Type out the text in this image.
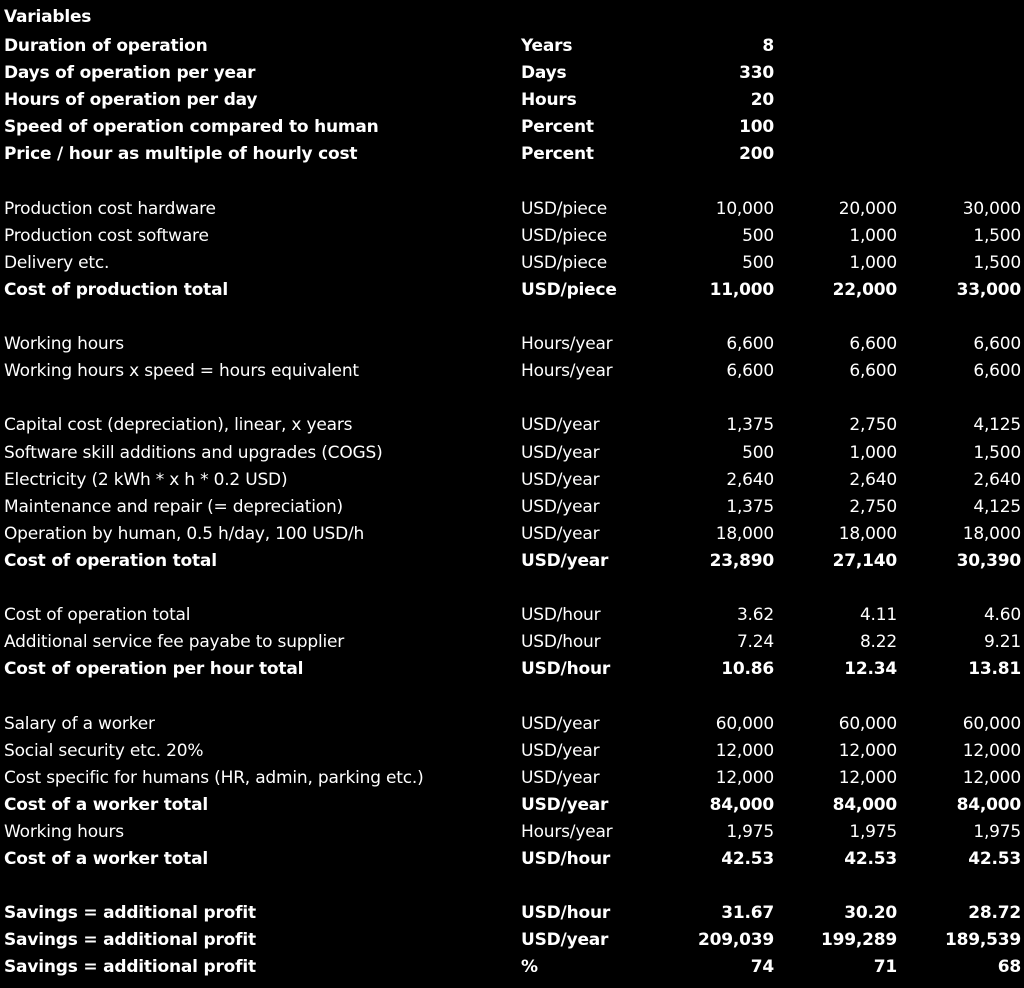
Variables
Duration of operation	Years	8
Days of operation per year	Days	330
Hours of operation per day	Hours	20
Speed of operation compared to human	Percent	100
Price / hour as multiple of hourly cost	Percent	200
Production cost hardware	USD/piece	10,000	20,000	30,000
Production cost software	USD/piece	500	1,000	1,500
Delivery etc.	USD/piece	500	1,000	1,500
Cost of production total	USD/piece	11,000	22,000	33,000
Working hours	Hours/year	6,600	6,600	6,600
Working hours x speed = hours equivalent	Hours/year	6,600	6,600	6,600
Capital cost (depreciation), linear, x years	USD/year	1,375	2,750	4,125
Software skill additions and upgrades (COGS)	USD/year	500	1,000	1,500
Electricity (2 kWh * x h * 0.2 USD)	USD/year	2,640	2,640	2,640
Maintenance and repair (= depreciation)	USD/year	1,375	2,750	4,125
Operation by human, 0.5 h/day, 100 USD/h	USD/year	18,000	18,000	18,000
Cost of operation total	USD/year	23,890	27,140	30,390
Cost of operation total	USD/hour	3.62	4.11	4.60
Additional service fee payabe to supplier	USD/hour	7.24	8.22	9.21
Cost of operation per hour total	USD/hour	10.86	12.34	13.81
Salary of a worker	USD/year	60,000	60,000	60,000
Social security etc. 20%	USD/year	12,000	12,000	12,000
Cost specific for humans (HR, admin, parking etc.)	USD/year	12,000	12,000	12,000
Cost of a worker total	USD/year	84,000	84,000	84,000
Working hours	Hours/year	1,975	1,975	1,975
Cost of a worker total	USD/hour	42.53	42.53	42.53
Savings = additional profit	USD/hour	31.67	30.20	28.72
Savings = additional profit	USD/year	209,039	199,289	189,539
Savings = additional profit	%	74	71	68
